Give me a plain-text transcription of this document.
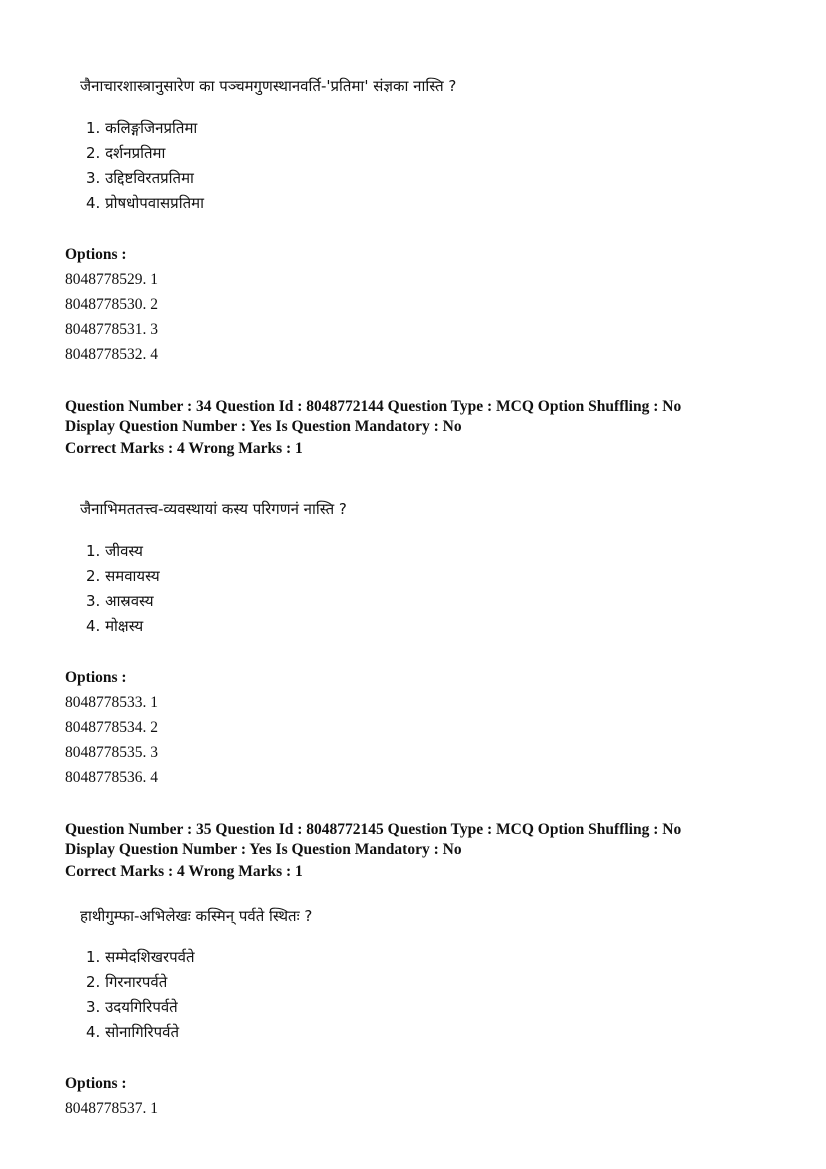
जैनाचारशास्त्रानुसारेण का पञ्चमगुणस्थानवर्ति-'प्रतिमा' संज्ञका नास्ति ?
1. कलिङ्गजिनप्रतिमा
2. दर्शनप्रतिमा
3. उद्दिष्टविरतप्रतिमा
4. प्रोषधोपवासप्रतिमा
Options :
8048778529. 1
8048778530. 2
8048778531. 3
8048778532. 4
Question Number : 34 Question Id : 8048772144 Question Type : MCQ Option Shuffling : No
Display Question Number : Yes Is Question Mandatory : No
Correct Marks : 4 Wrong Marks : 1
जैनाभिमततत्त्व-व्यवस्थायां कस्य परिगणनं नास्ति ?
1. जीवस्य
2. समवायस्य
3. आस्रवस्य
4. मोक्षस्य
Options :
8048778533. 1
8048778534. 2
8048778535. 3
8048778536. 4
Question Number : 35 Question Id : 8048772145 Question Type : MCQ Option Shuffling : No
Display Question Number : Yes Is Question Mandatory : No
Correct Marks : 4 Wrong Marks : 1
हाथीगुम्फा-अभिलेखः कस्मिन् पर्वते स्थितः ?
1. सम्मेदशिखरपर्वते
2. गिरनारपर्वते
3. उदयगिरिपर्वते
4. सोनागिरिपर्वते
Options :
8048778537. 1
